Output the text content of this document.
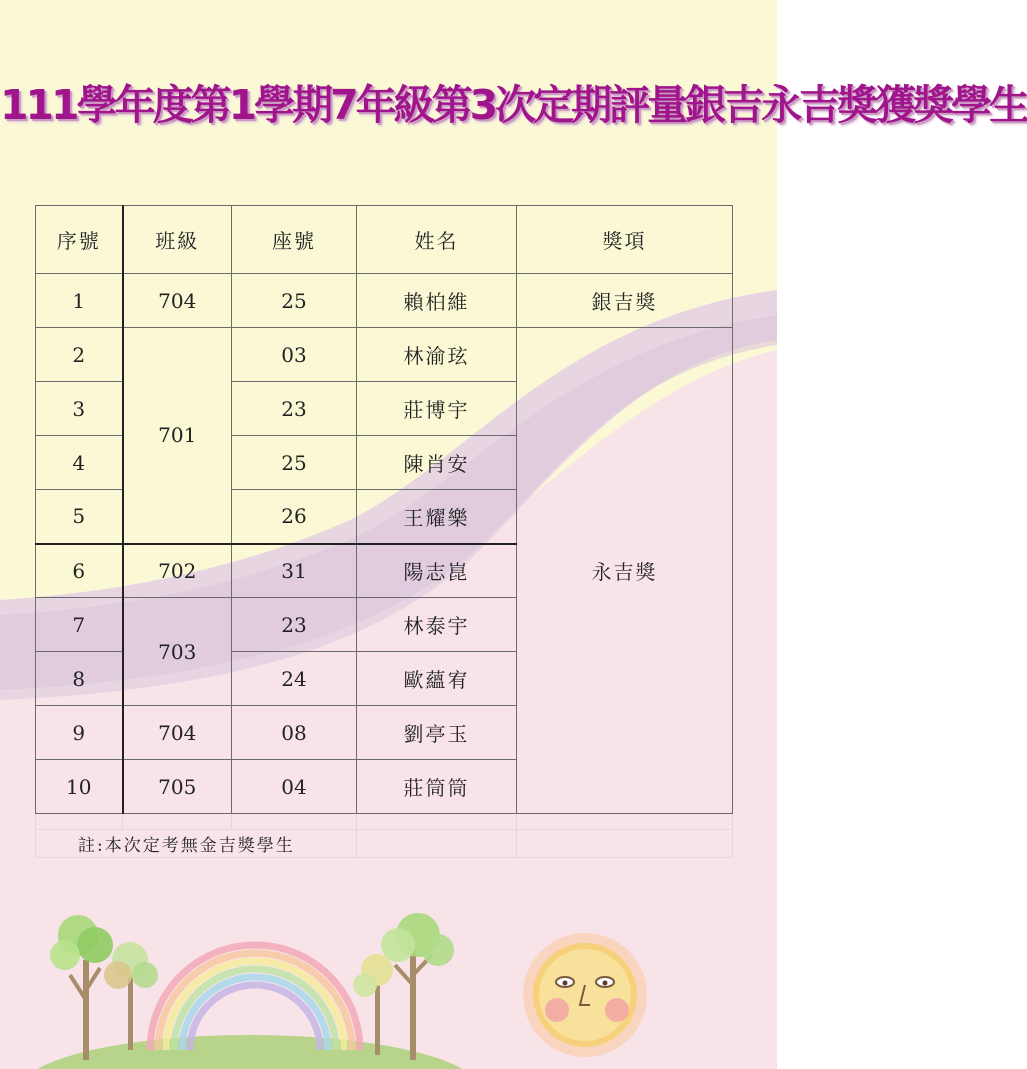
111學年度第1學期7年級第3次定期評量銀吉永吉獎獲獎學生
序號	班級	座號	姓名	獎項
1	704	25	賴柏維	銀吉獎
2	701	03	林渝玹	永吉獎
3		23	莊博宇	
4		25	陳肖安	
5		26	王耀樂	
6	702	31	陽志崑	
7	703	23	林泰宇	
8		24	歐蘊宥	
9	704	08	劉亭玉	
10	705	04	莊筒筒	

註:本次定考無金吉獎學生				
